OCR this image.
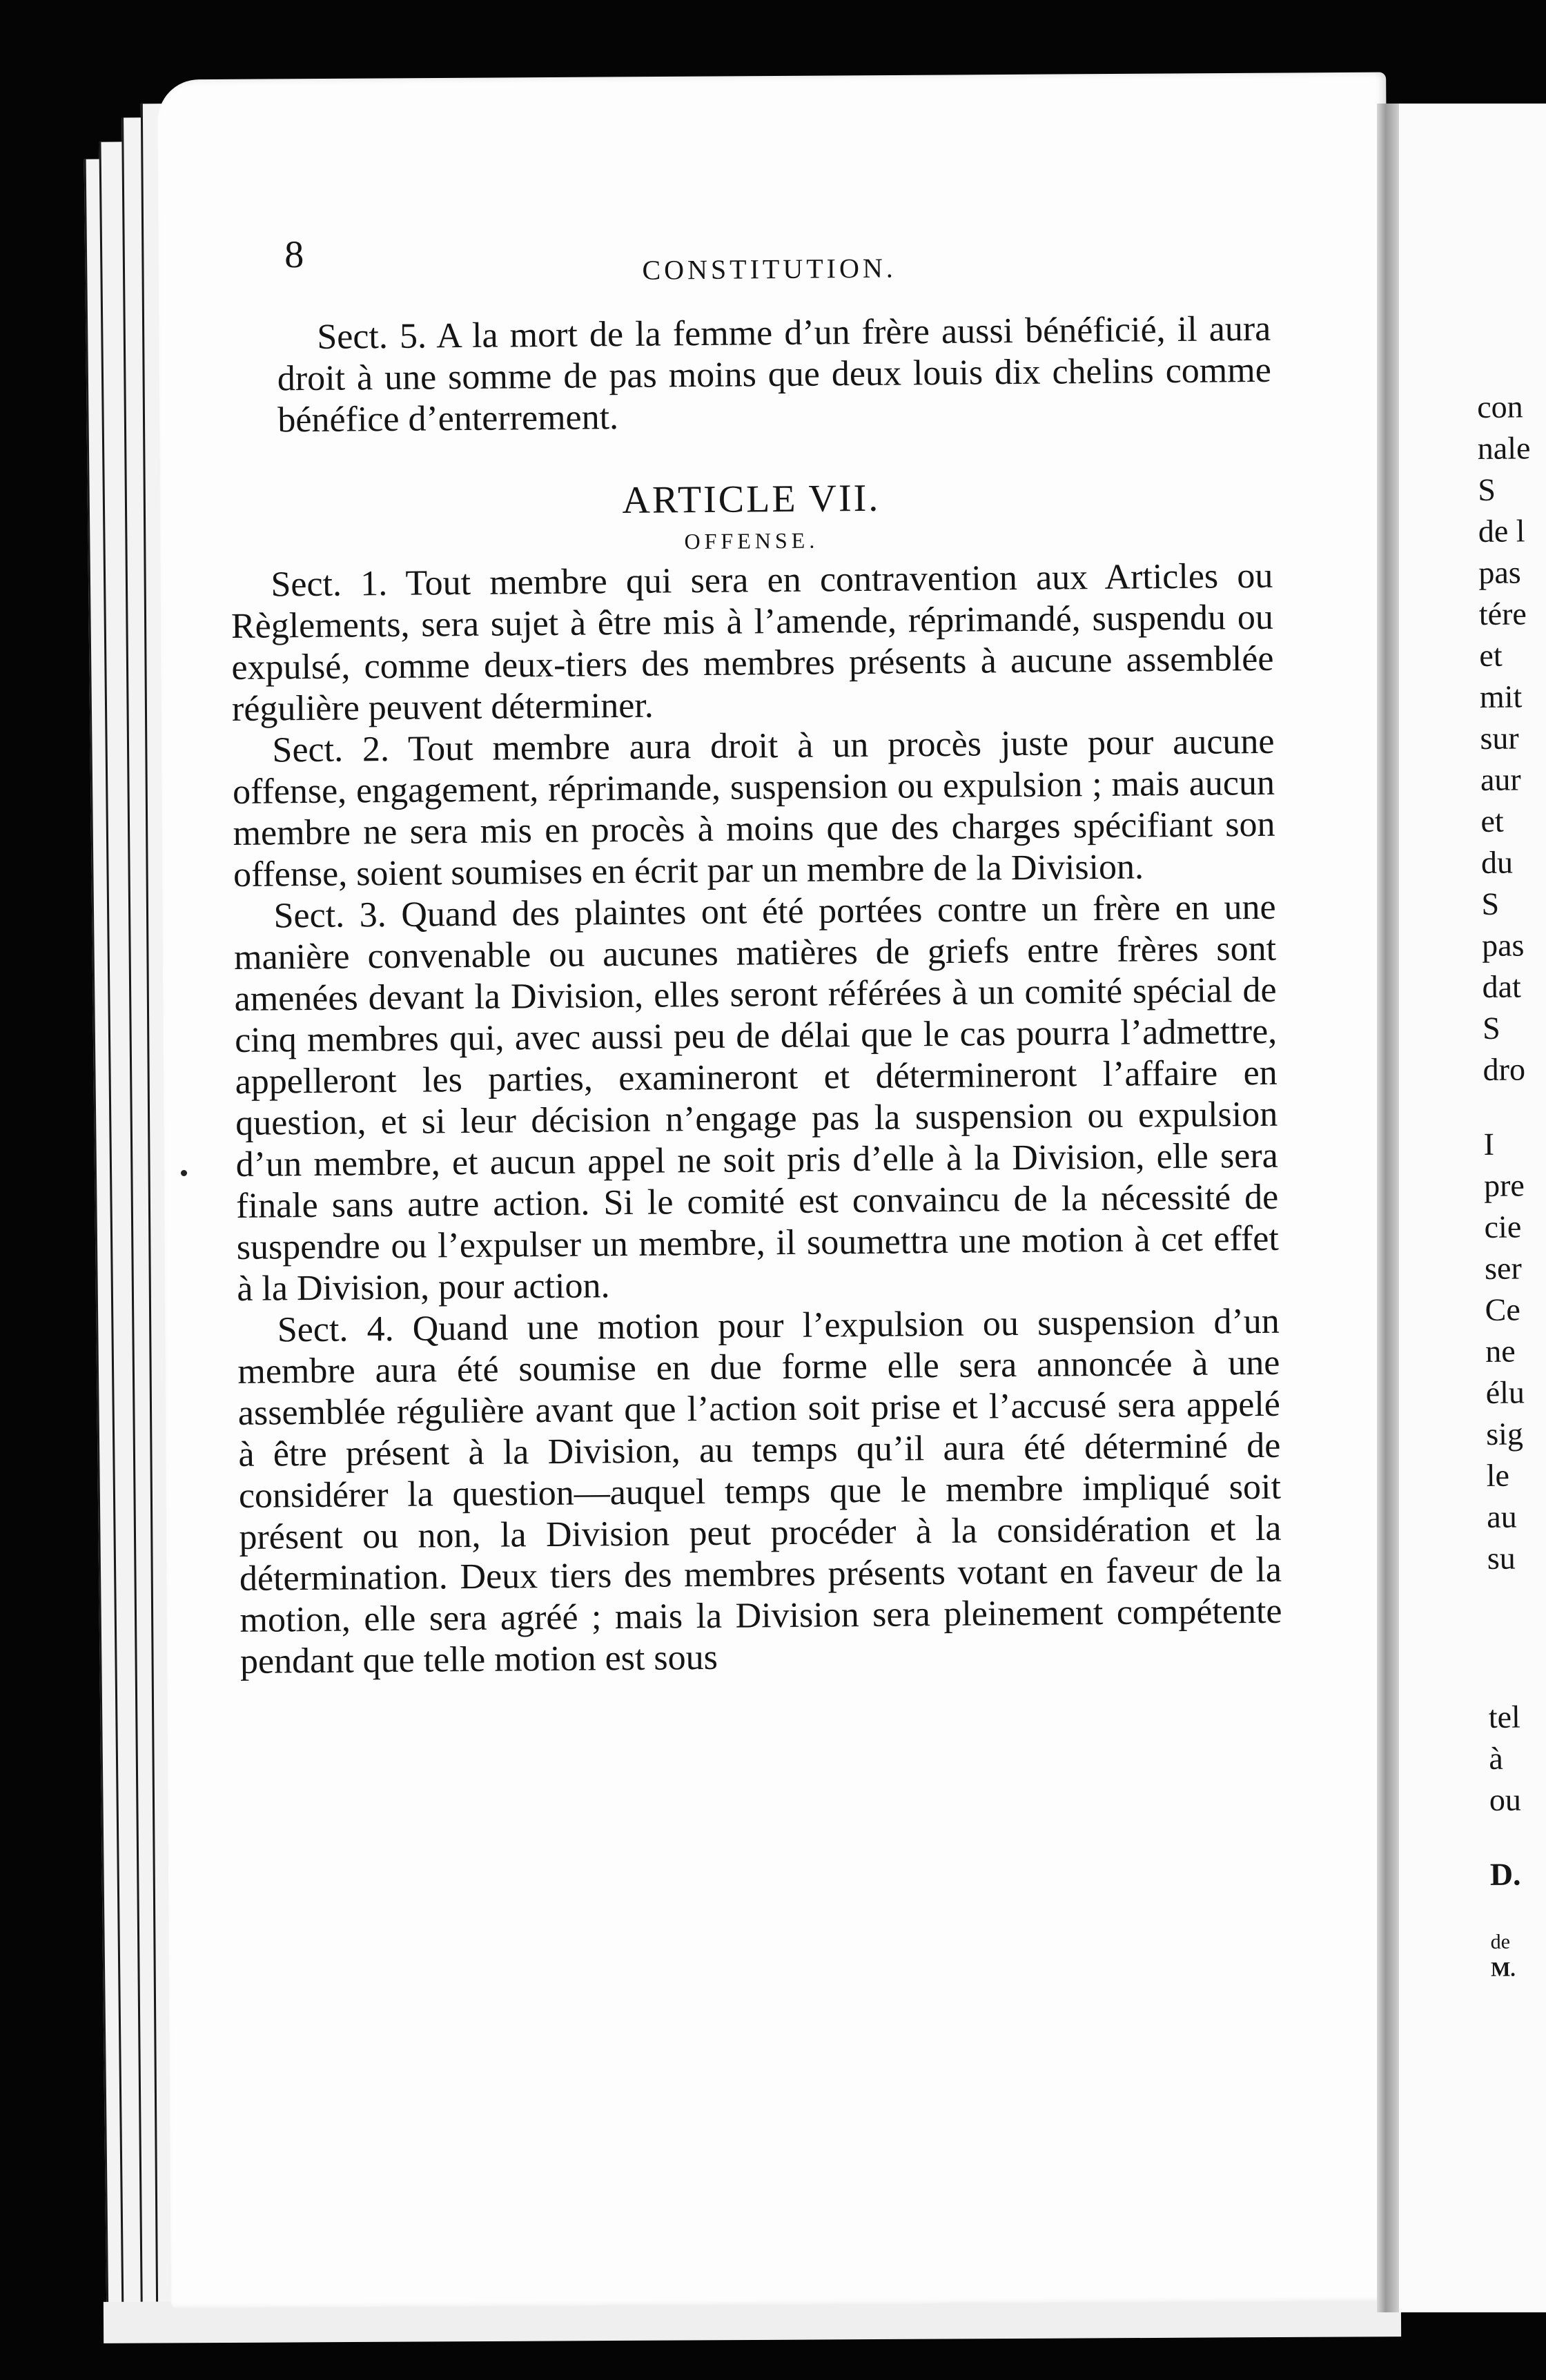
8	CONSTITUTION.

Sect. 5. A la mort de la femme d’un frère aussi bénéficié, il aura droit à une somme de pas moins que deux louis dix chelins comme bénéfice d’enterrement.

ARTICLE VII.
OFFENSE.

Sect. 1. Tout membre qui sera en contravention aux Articles ou Règlements, sera sujet à être mis à l’amende, réprimandé, suspendu ou expulsé, comme deux-tiers des membres présents à aucune assemblée régulière peuvent déterminer.

Sect. 2. Tout membre aura droit à un procès juste pour aucune offense, engagement, réprimande, suspension ou expulsion ; mais aucun membre ne sera mis en procès à moins que des charges spécifiant son offense, soient soumises en écrit par un membre de la Division.

Sect. 3. Quand des plaintes ont été portées contre un frère en une manière convenable ou aucunes matières de griefs entre frères sont amenées devant la Division, elles seront référées à un comité spécial de cinq membres qui, avec aussi peu de délai que le cas pourra l’admettre, appelleront les parties, examineront et détermineront l’affaire en question, et si leur décision n’engage pas la suspension ou expulsion d’un membre, et aucun appel ne soit pris d’elle à la Division, elle sera finale sans autre action. Si le comité est convaincu de la nécessité de suspendre ou l’expulser un membre, il soumettra une motion à cet effet à la Division, pour action.

Sect. 4. Quand une motion pour l’expulsion ou suspension d’un membre aura été soumise en due forme elle sera annoncée à une assemblée régulière avant que l’action soit prise et l’accusé sera appelé à être présent à la Division, au temps qu’il aura été déterminé de considérer la question—auquel temps que le membre impliqué soit présent ou non, la Division peut procéder à la considération et la détermination. Deux tiers des membres présents votant en faveur de la motion, elle sera agréé ; mais la Division sera pleinement compétente pendant que telle motion est sous

con
nale
S
de l
pas
tére
et
mit
sur
aur
et
du
S
pas
dat
S
dro
I
pre
cie
ser
Ce
ne
élu
sig
le
au
su
tel
à
ou
D.
de
M.
